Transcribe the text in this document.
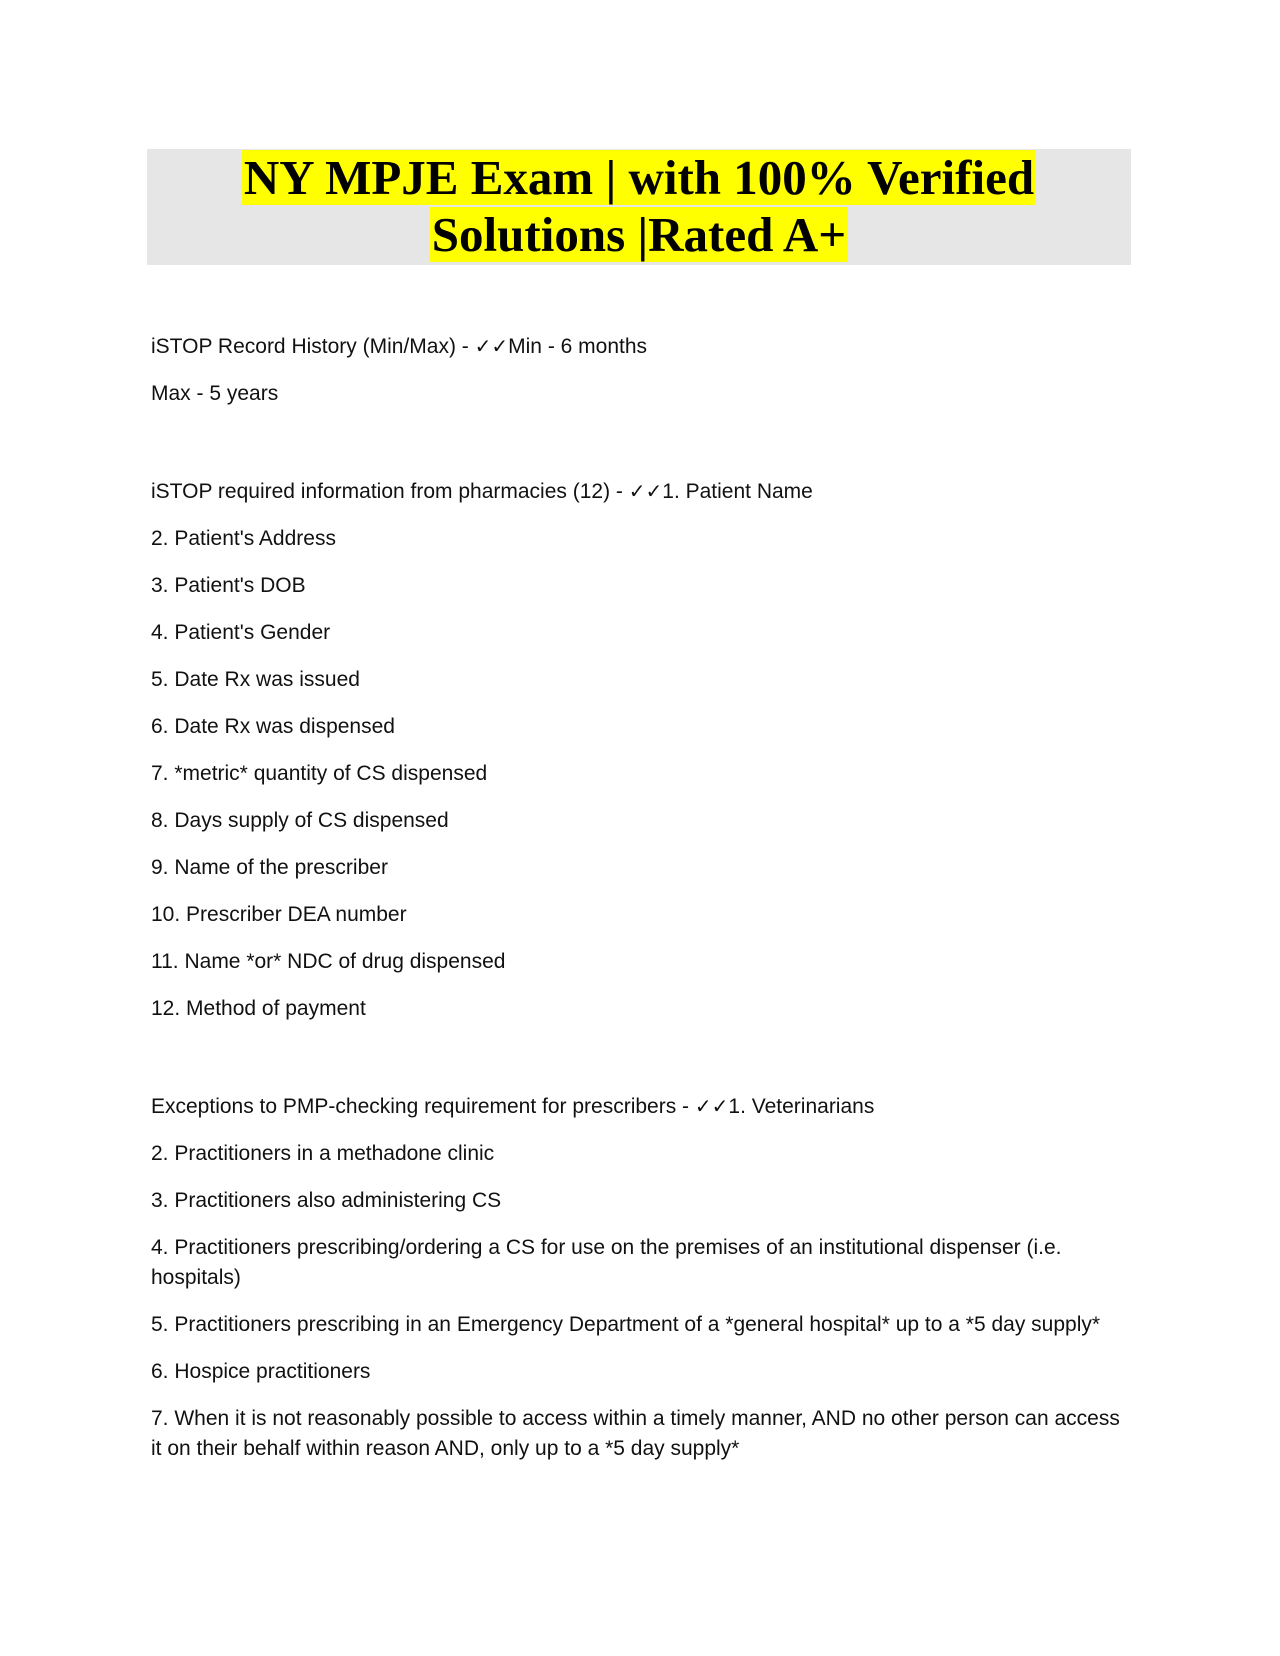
NY MPJE Exam | with 100% Verified
Solutions |Rated A+
iSTOP Record History (Min/Max) - ✓✓Min - 6 months
Max - 5 years
iSTOP required information from pharmacies (12) - ✓✓1. Patient Name
2. Patient's Address
3. Patient's DOB
4. Patient's Gender
5. Date Rx was issued
6. Date Rx was dispensed
7. *metric* quantity of CS dispensed
8. Days supply of CS dispensed
9. Name of the prescriber
10. Prescriber DEA number
11. Name *or* NDC of drug dispensed
12. Method of payment
Exceptions to PMP-checking requirement for prescribers - ✓✓1. Veterinarians
2. Practitioners in a methadone clinic
3. Practitioners also administering CS
4. Practitioners prescribing/ordering a CS for use on the premises of an institutional dispenser (i.e. hospitals)
5. Practitioners prescribing in an Emergency Department of a *general hospital* up to a *5 day supply*
6. Hospice practitioners
7. When it is not reasonably possible to access within a timely manner, AND no other person can access it on their behalf within reason AND, only up to a *5 day supply*
